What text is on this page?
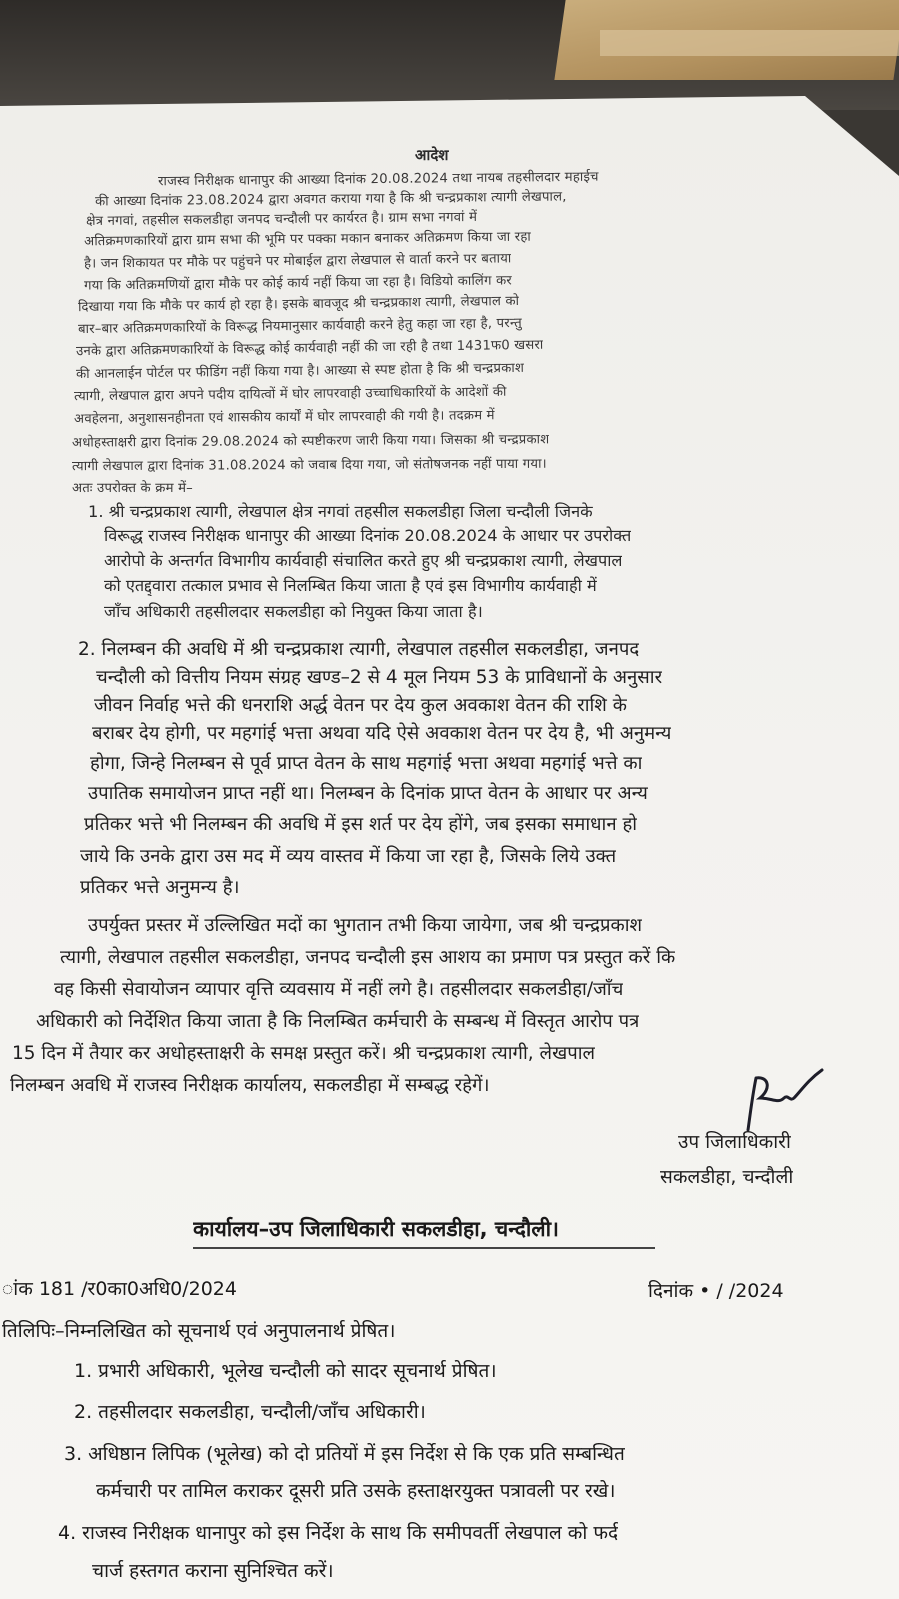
आदेश
राजस्व निरीक्षक धानापुर की आख्या दिनांक 20.08.2024 तथा नायब तहसीलदार महाईच
की आख्या दिनांक 23.08.2024 द्वारा अवगत कराया गया है कि श्री चन्द्रप्रकाश त्यागी लेखपाल,
क्षेत्र नगवां, तहसील सकलडीहा जनपद चन्दौली पर कार्यरत है। ग्राम सभा नगवां में
अतिक्रमणकारियों द्वारा ग्राम सभा की भूमि पर पक्का मकान बनाकर अतिक्रमण किया जा रहा
है। जन शिकायत पर मौके पर पहुंचने पर मोबाईल द्वारा लेखपाल से वार्ता करने पर बताया
गया कि अतिक्रमणियों द्वारा मौके पर कोई कार्य नहीं किया जा रहा है। विडियो कालिंग कर
दिखाया गया कि मौके पर कार्य हो रहा है। इसके बावजूद श्री चन्द्रप्रकाश त्यागी, लेखपाल को
बार–बार अतिक्रमणकारियों के विरूद्ध नियमानुसार कार्यवाही करने हेतु कहा जा रहा है, परन्तु
उनके द्वारा अतिक्रमणकारियों के विरूद्ध कोई कार्यवाही नहीं की जा रही है तथा 1431फ0 खसरा
की आनलाईन पोर्टल पर फीडिंग नहीं किया गया है। आख्या से स्पष्ट होता है कि श्री चन्द्रप्रकाश
त्यागी, लेखपाल द्वारा अपने पदीय दायित्वों में घोर लापरवाही उच्चाधिकारियों के आदेशों की
अवहेलना, अनुशासनहीनता एवं शासकीय कार्यों में घोर लापरवाही की गयी है। तदक्रम में
अधोहस्ताक्षरी द्वारा दिनांक 29.08.2024 को स्पष्टीकरण जारी किया गया। जिसका श्री चन्द्रप्रकाश
त्यागी लेखपाल द्वारा दिनांक 31.08.2024 को जवाब दिया गया, जो संतोषजनक नहीं पाया गया।
अतः उपरोक्त के क्रम में–
1. श्री चन्द्रप्रकाश त्यागी, लेखपाल क्षेत्र नगवां तहसील सकलडीहा जिला चन्दौली जिनके
विरूद्ध राजस्व निरीक्षक धानापुर की आख्या दिनांक 20.08.2024 के आधार पर उपरोक्त
आरोपो के अन्तर्गत विभागीय कार्यवाही संचालित करते हुए श्री चन्द्रप्रकाश त्यागी, लेखपाल
को एतद्द्वारा तत्काल प्रभाव से निलम्बित किया जाता है एवं इस विभागीय कार्यवाही में
जाँच अधिकारी तहसीलदार सकलडीहा को नियुक्त किया जाता है।
2. निलम्बन की अवधि में श्री चन्द्रप्रकाश त्यागी, लेखपाल तहसील सकलडीहा, जनपद
चन्दौली को वित्तीय नियम संग्रह खण्ड–2 से 4 मूल नियम 53 के प्राविधानों के अनुसार
जीवन निर्वाह भत्ते की धनराशि अर्द्ध वेतन पर देय कुल अवकाश वेतन की राशि के
बराबर देय होगी, पर महगांई भत्ता अथवा यदि ऐसे अवकाश वेतन पर देय है, भी अनुमन्य
होगा, जिन्हे निलम्बन से पूर्व प्राप्त वेतन के साथ महगांई भत्ता अथवा महगांई भत्ते का
उपातिक समायोजन प्राप्त नहीं था। निलम्बन के दिनांक प्राप्त वेतन के आधार पर अन्य
प्रतिकर भत्ते भी निलम्बन की अवधि में इस शर्त पर देय होंगे, जब इसका समाधान हो
जाये कि उनके द्वारा उस मद में व्यय वास्तव में किया जा रहा है, जिसके लिये उक्त
प्रतिकर भत्ते अनुमन्य है।
उपर्युक्त प्रस्तर में उल्लिखित मदों का भुगतान तभी किया जायेगा, जब श्री चन्द्रप्रकाश
त्यागी, लेखपाल तहसील सकलडीहा, जनपद चन्दौली इस आशय का प्रमाण पत्र प्रस्तुत करें कि
वह किसी सेवायोजन व्यापार वृत्ति व्यवसाय में नहीं लगे है। तहसीलदार सकलडीहा/जाँच
अधिकारी को निर्देशित किया जाता है कि निलम्बित कर्मचारी के सम्बन्ध में विस्तृत आरोप पत्र
15 दिन में तैयार कर अधोहस्ताक्षरी के समक्ष प्रस्तुत करें। श्री चन्द्रप्रकाश त्यागी, लेखपाल
निलम्बन अवधि में राजस्व निरीक्षक कार्यालय, सकलडीहा में सम्बद्ध रहेगें।
उप जिलाधिकारी
सकलडीहा, चन्दौली
कार्यालय–उप जिलाधिकारी सकलडीहा, चन्दौली।
ांक 181 /र0का0अधि0/2024	दिनांक • / /2024
तिलिपिः–निम्नलिखित को सूचनार्थ एवं अनुपालनार्थ प्रेषित।
1. प्रभारी अधिकारी, भूलेख चन्दौली को सादर सूचनार्थ प्रेषित।
2. तहसीलदार सकलडीहा, चन्दौली/जाँच अधिकारी।
3. अधिष्ठान लिपिक (भूलेख) को दो प्रतियों में इस निर्देश से कि एक प्रति सम्बन्धित
कर्मचारी पर तामिल कराकर दूसरी प्रति उसके हस्ताक्षरयुक्त पत्रावली पर रखे।
4. राजस्व निरीक्षक धानापुर को इस निर्देश के साथ कि समीपवर्ती लेखपाल को फर्द
चार्ज हस्तगत कराना सुनिश्चित करें।
